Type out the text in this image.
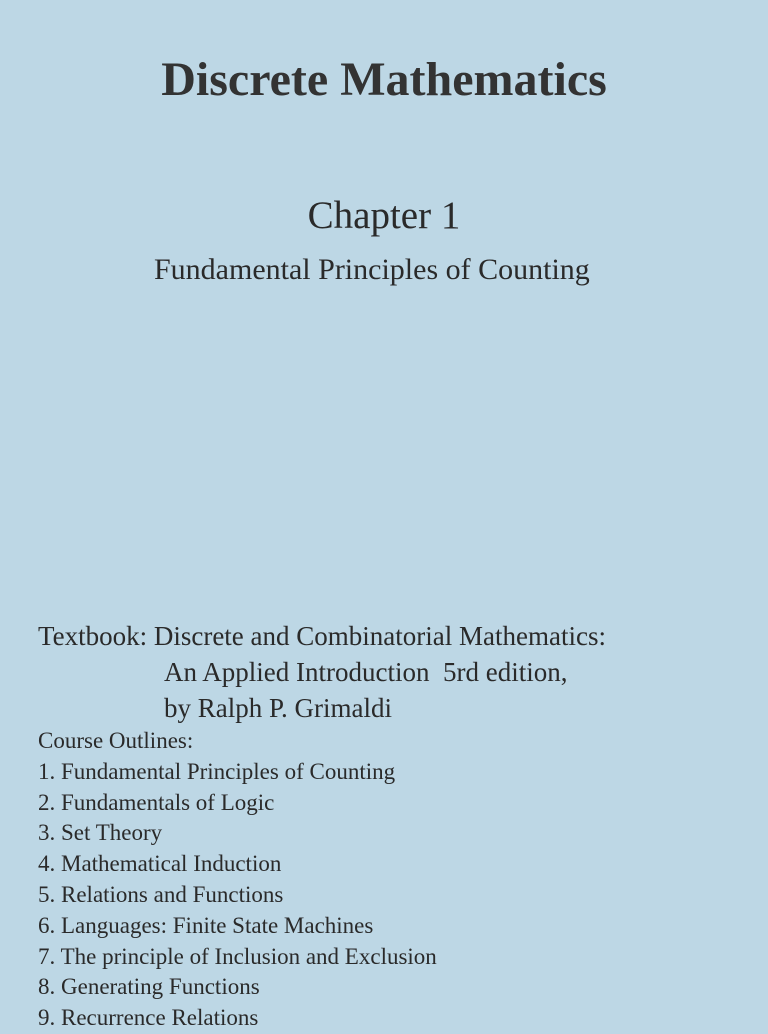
Discrete Mathematics
Chapter 1
Fundamental Principles of Counting
Textbook: Discrete and Combinatorial Mathematics:
An Applied Introduction  5rd edition,
by Ralph P. Grimaldi
Course Outlines:
1. Fundamental Principles of Counting
2. Fundamentals of Logic
3. Set Theory
4. Mathematical Induction
5. Relations and Functions
6. Languages: Finite State Machines
7. The principle of Inclusion and Exclusion
8. Generating Functions
9. Recurrence Relations
